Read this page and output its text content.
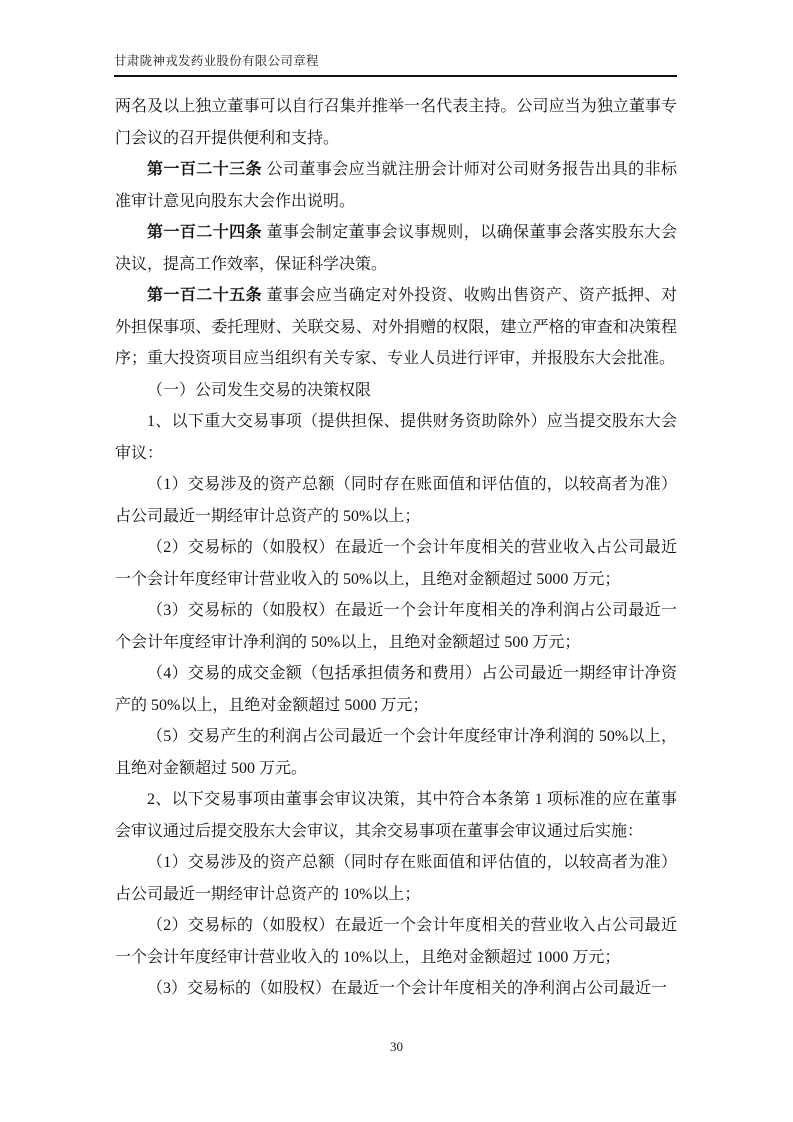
甘肃陇神戎发药业股份有限公司章程

两名及以上独立董事可以自行召集并推举一名代表主持。公司应当为独立董事专门会议的召开提供便利和支持。

第一百二十三条 公司董事会应当就注册会计师对公司财务报告出具的非标准审计意见向股东大会作出说明。

第一百二十四条 董事会制定董事会议事规则，以确保董事会落实股东大会决议，提高工作效率，保证科学决策。

第一百二十五条 董事会应当确定对外投资、收购出售资产、资产抵押、对外担保事项、委托理财、关联交易、对外捐赠的权限，建立严格的审查和决策程序；重大投资项目应当组织有关专家、专业人员进行评审，并报股东大会批准。

（一）公司发生交易的决策权限

1、以下重大交易事项（提供担保、提供财务资助除外）应当提交股东大会审议：

（1）交易涉及的资产总额（同时存在账面值和评估值的，以较高者为准）占公司最近一期经审计总资产的 50%以上；

（2）交易标的（如股权）在最近一个会计年度相关的营业收入占公司最近一个会计年度经审计营业收入的 50%以上，且绝对金额超过 5000 万元；

（3）交易标的（如股权）在最近一个会计年度相关的净利润占公司最近一个会计年度经审计净利润的 50%以上，且绝对金额超过 500 万元；

（4）交易的成交金额（包括承担债务和费用）占公司最近一期经审计净资产的 50%以上，且绝对金额超过 5000 万元；

（5）交易产生的利润占公司最近一个会计年度经审计净利润的 50%以上，且绝对金额超过 500 万元。

2、以下交易事项由董事会审议决策，其中符合本条第 1 项标准的应在董事会审议通过后提交股东大会审议，其余交易事项在董事会审议通过后实施：

（1）交易涉及的资产总额（同时存在账面值和评估值的，以较高者为准）占公司最近一期经审计总资产的 10%以上；

（2）交易标的（如股权）在最近一个会计年度相关的营业收入占公司最近一个会计年度经审计营业收入的 10%以上，且绝对金额超过 1000 万元；

（3）交易标的（如股权）在最近一个会计年度相关的净利润占公司最近一

30
